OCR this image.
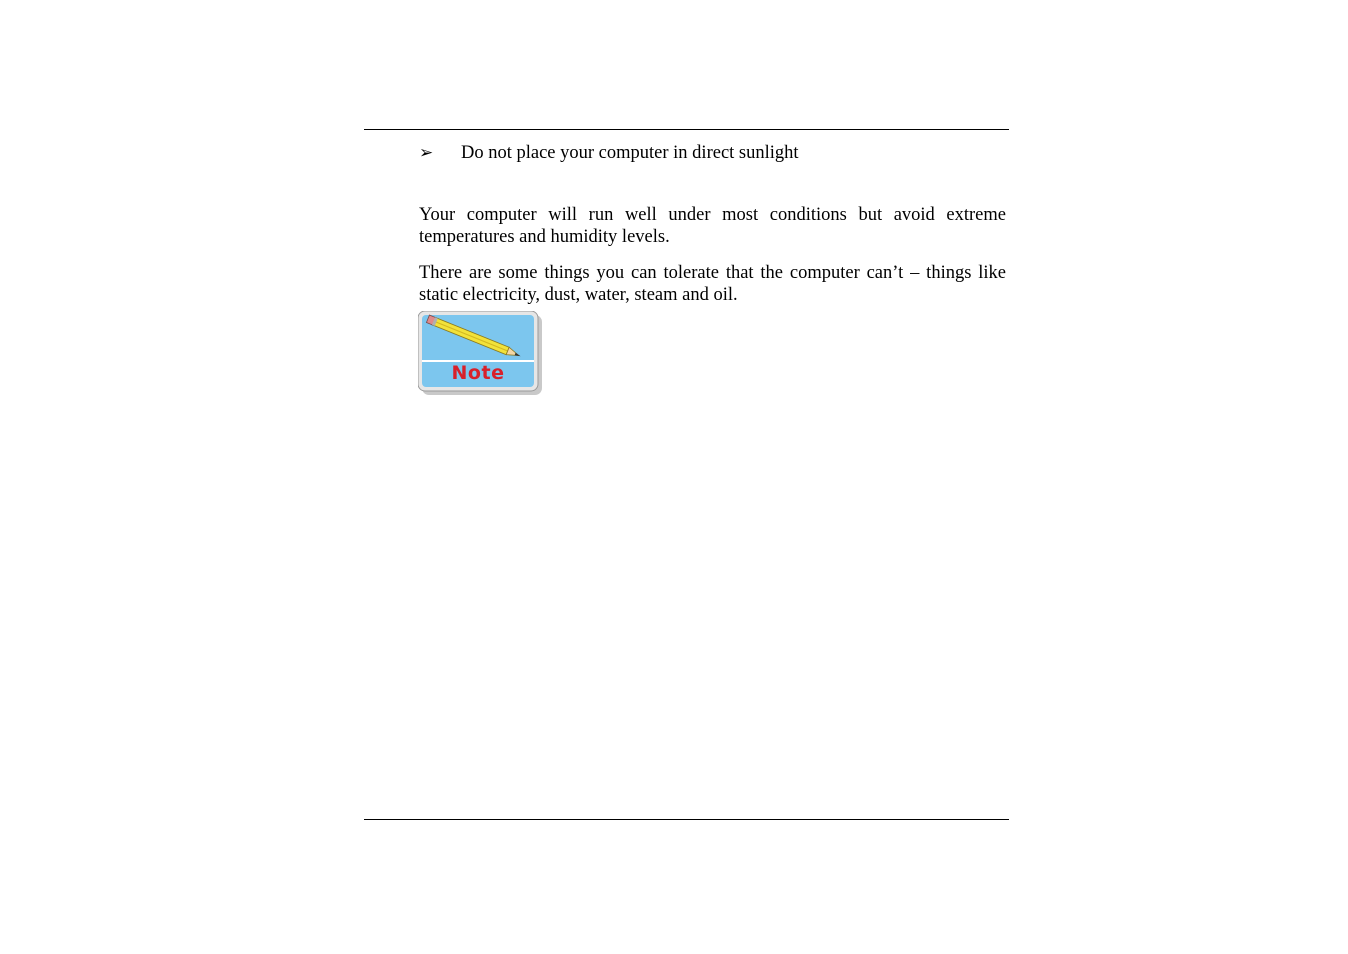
➢ Do not place your computer in direct sunlight

Your computer will run well under most conditions but avoid extreme temperatures and humidity levels.

There are some things you can tolerate that the computer can’t – things like static electricity, dust, water, steam and oil.

Note
